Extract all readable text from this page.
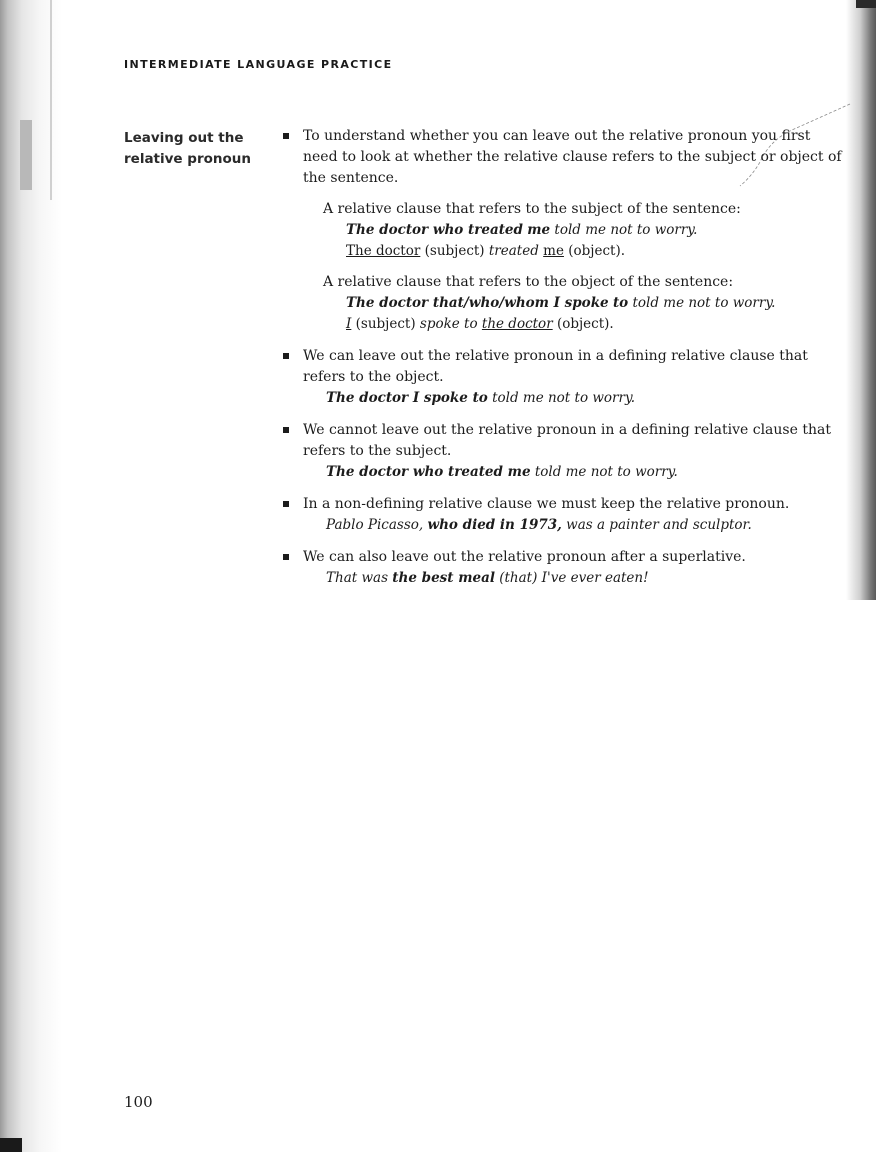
INTERMEDIATE LANGUAGE PRACTICE
Leaving out the relative pronoun
To understand whether you can leave out the relative pronoun you first need to look at whether the relative clause refers to the subject or object of the sentence.
A relative clause that refers to the subject of the sentence:
The doctor who treated me told me not to worry.
The doctor (subject) treated me (object).
A relative clause that refers to the object of the sentence:
The doctor that/who/whom I spoke to told me not to worry.
I (subject) spoke to the doctor (object).
We can leave out the relative pronoun in a defining relative clause that refers to the object.
The doctor I spoke to told me not to worry.
We cannot leave out the relative pronoun in a defining relative clause that refers to the subject.
The doctor who treated me told me not to worry.
In a non-defining relative clause we must keep the relative pronoun.
Pablo Picasso, who died in 1973, was a painter and sculptor.
We can also leave out the relative pronoun after a superlative.
That was the best meal (that) I've ever eaten!
100
